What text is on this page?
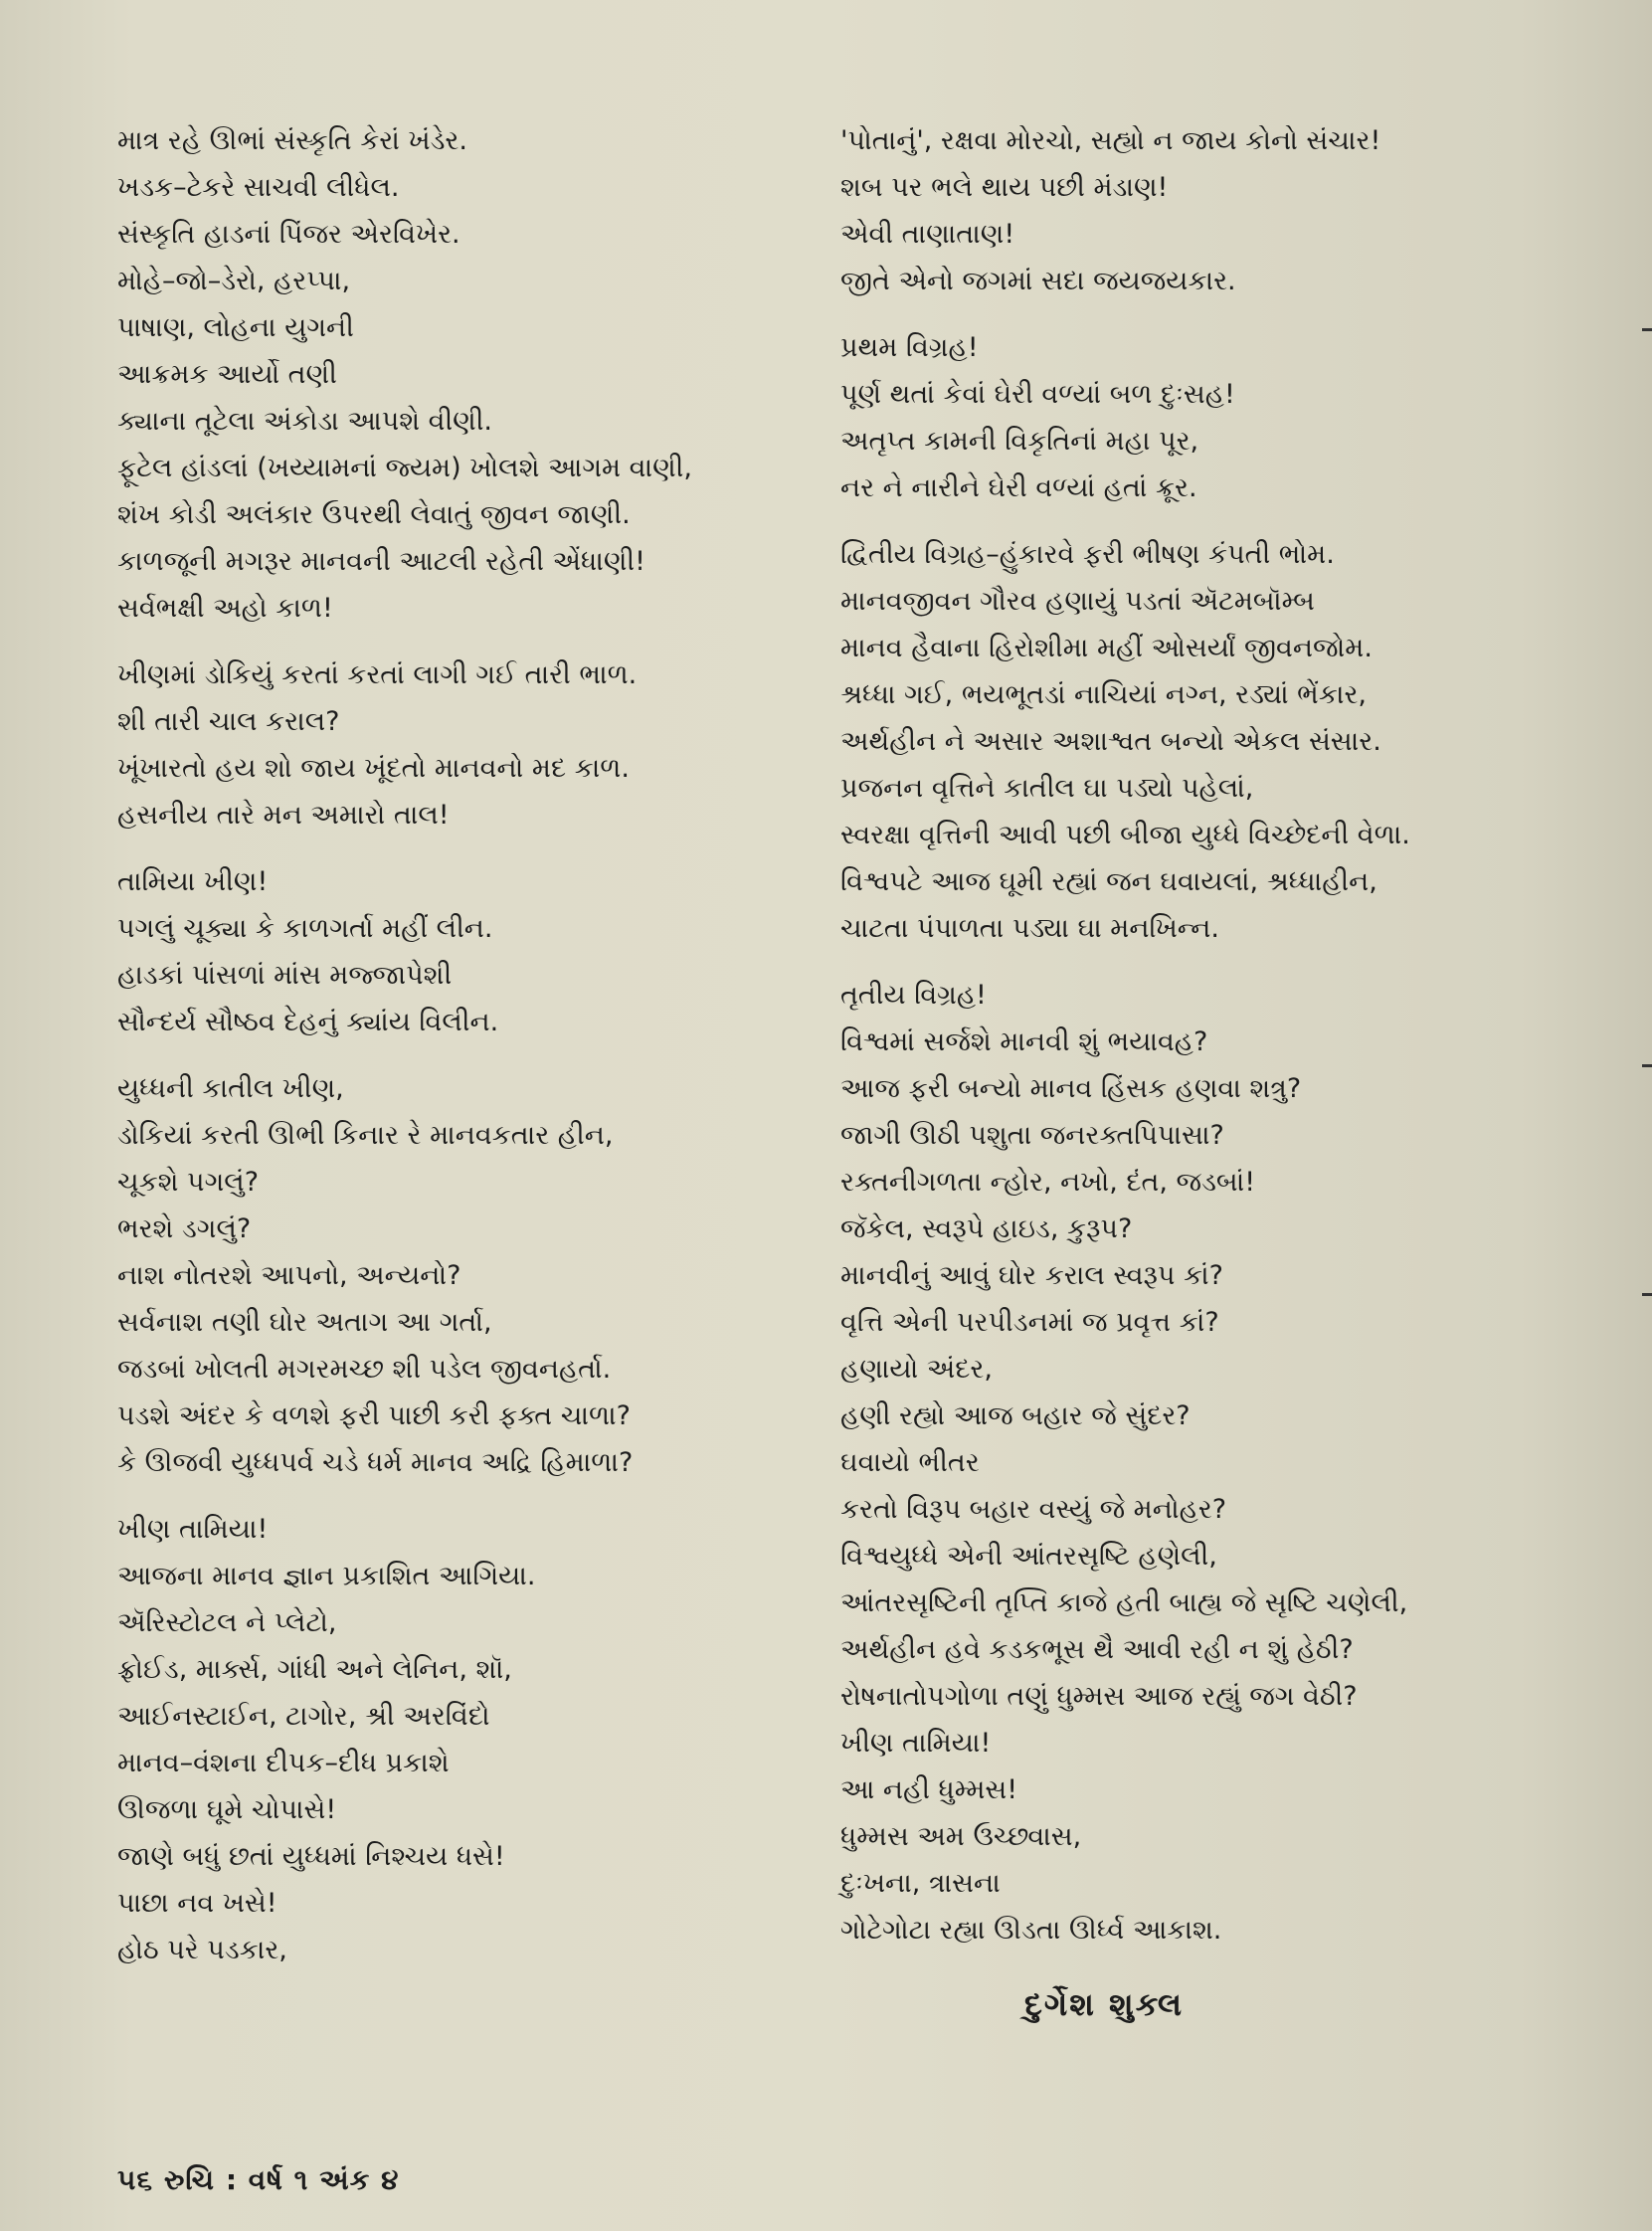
માત્ર રહે ઊભાં સંસ્કૃતિ કેરાં ખંડેર.
ખડક–ટેકરે સાચવી લીધેલ.
સંસ્કૃતિ હાડનાં પિંજર એરવિખેર.
મોહે–જો–ડેરો, હરપ્પા,
પાષાણ, લોહના યુગની
આક્રમક આર્યો તણી
ક્યાના તૂટેલા અંકોડા આપશે વીણી.
ફૂટેલ હાંડલાં (ખય્યામનાં જ્યમ) ખોલશે આગમ વાણી,
શંખ કોડી અલંકાર ઉપરથી લેવાતું જીવન જાણી.
કાળજૂની મગરૂર માનવની આટલી રહેતી એંધાણી!
સર્વભક્ષી અહો કાળ!
ખીણમાં ડોકિયું કરતાં કરતાં લાગી ગઈ તારી ભાળ.
શી તારી ચાલ કરાલ?
ખૂંખારતો હય શો જાય ખૂંદતો માનવનો મદ કાળ.
હસનીય તારે મન અમારો તાલ!
તામિયા ખીણ!
પગલું ચૂક્યા કે કાળગર્તા મહીં લીન.
હાડકાં પાંસળાં માંસ મજ્જાપેશી
સૌન્દર્ય સૌષ્ઠવ દેહનું ક્યાંય વિલીન.
યુધ્ધની કાતીલ ખીણ,
ડોકિયાં કરતી ઊભી કિનાર રે માનવકતાર હીન,
ચૂકશે પગલું?
ભરશે ડગલું?
નાશ નોતરશે આપનો, અન્યનો?
સર્વનાશ તણી ઘોર અતાગ આ ગર્તા,
જડબાં ખોલતી મગરમચ્છ શી પડેલ જીવનહર્તા.
પડશે અંદર કે વળશે ફરી પાછી કરી ફક્ત ચાળા?
કે ઊજવી યુધ્ધપર્વ ચડે ધર્મ માનવ અદ્રિ હિમાળા?
ખીણ તામિયા!
આજના માનવ જ્ઞાન પ્રકાશિત આગિયા.
ઍરિસ્ટોટલ ને પ્લેટો,
ફ્રોઈડ, માર્ક્સ, ગાંધી અને લેનિન, શૉ,
આઈનસ્ટાઈન, ટાગોર, શ્રી અરવિંદો
માનવ–વંશના દીપક–દીધ પ્રકાશે
ઊજળા ઘૂમે ચોપાસે!
જાણે બધું છતાં યુધ્ધમાં નિશ્ચય ધસે!
પાછા નવ ખસે!
હોઠ પરે પડકાર,
'પોતાનું', રક્ષવા મોરચો, સહ્યો ન જાય કોનો સંચાર!
શબ પર ભલે થાય પછી મંડાણ!
એવી તાણાતાણ!
જીતે એનો જગમાં સદા જયજયકાર.
પ્રથમ વિગ્રહ!
પૂર્ણ થતાં કેવાં ઘેરી વળ્યાં બળ દુઃસહ!
અતૃપ્ત કામની વિકૃતિનાં મહા પૂર,
નર ને નારીને ઘેરી વળ્યાં હતાં ક્રૂર.
દ્વિતીય વિગ્રહ–હુંકારવે ફરી ભીષણ કંપતી ભોમ.
માનવજીવન ગૌરવ હણાયું પડતાં ઍટમબૉમ્બ
માનવ હૈવાના હિરોશીમા મહીં ઓસર્યાં જીવનજોમ.
શ્રધ્ધા ગઈ, ભયભૂતડાં નાચિયાં નગ્ન, રડ્યાં ભેંકાર,
અર્થહીન ને અસાર અશાશ્વત બન્યો એકલ સંસાર.
પ્રજનન વૃત્તિને કાતીલ ઘા પડ્યો પહેલાં,
સ્વરક્ષા વૃત્તિની આવી પછી બીજા યુધ્ધે વિચ્છેદની વેળા.
વિશ્વપટે આજ ઘૂમી રહ્યાં જન ઘવાયલાં, શ્રધ્ધાહીન,
ચાટતા પંપાળતા પડ્યા ઘા મનખિન્ન.
તૃતીય વિગ્રહ!
વિશ્વમાં સર્જશે માનવી શું ભયાવહ?
આજ ફરી બન્યો માનવ હિંસક હણવા શત્રુ?
જાગી ઊઠી પશુતા જનરક્તપિપાસા?
રક્તનીગળતા ન્હોર, નખો, દંત, જડબાં!
જૅકેલ, સ્વરૂપે હાઇડ, કુરૂપ?
માનવીનું આવું ઘોર કરાલ સ્વરૂપ કાં?
વૃત્તિ એની પરપીડનમાં જ પ્રવૃત્ત કાં?
હણાયો અંદર,
હણી રહ્યો આજ બહાર જે સુંદર?
ઘવાયો ભીતર
કરતો વિરૂપ બહાર વસ્યું જે મનોહર?
વિશ્વયુધ્ધે એની આંતરસૃષ્ટિ હણેલી,
આંતરસૃષ્ટિની તૃપ્તિ કાજે હતી બાહ્ય જે સૃષ્ટિ ચણેલી,
અર્થહીન હવે કડકભૂસ થૈ આવી રહી ન શું હેઠી?
રોષનાતોપગોળા તણું ધુમ્મસ આજ રહ્યું જગ વેઠી?
ખીણ તામિયા!
આ નહી ધુમ્મસ!
ધુમ્મસ અમ ઉચ્છ્વાસ,
દુઃખના, ત્રાસના
ગોટેગોટા રહ્યા ઊડતા ઊર્ધ્વ આકાશ.
દુર્ગેશ શુક્લ
૫૬ રુચિ : વર્ષ ૧ અંક ૪
